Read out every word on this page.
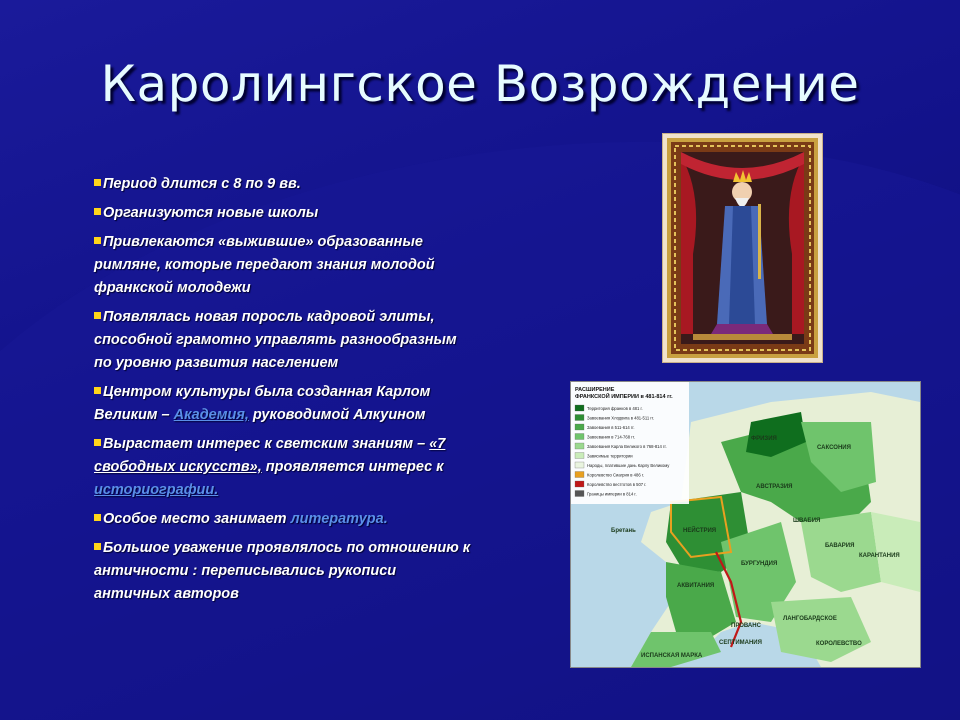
Каролингское Возрождение
Период длится с 8 по 9 вв.
Организуются новые школы
Привлекаются «выжившие» образованные римляне, которые передают знания молодой франкской молодежи
Появлялась новая поросль кадровой элиты, способной грамотно управлять разнообразным по уровню развития населением
Центром культуры была созданная Карлом Великим – Академия, руководимой Алкуином
Вырастает интерес к светским знаниям – «7 свободных искусств», проявляется интерес к историографии.
Особое место занимает литература.
Большое уважение проявлялось по отношению к античности : переписывались рукописи античных авторов
РАСШИРЕНИЕ
ФРАНКСКОЙ ИМПЕРИИ в 481-814 гг.
Территория франков в 481 г.
Завоевания Хлодвига в 481-511 гг.
Завоевания в 511-614 гг.
Завоевания в 714-768 гг.
Завоевания Карла Великого в 768-814 гг.
Зависимые территории
Народы, платившие дань Карлу Великому
Королевство Сиагрия в 486 г.
Королевство вестготов в 507 г.
Границы империи в 814 г.
ФРИЗИЯ
САКСОНИЯ
АВСТРАЗИЯ
НЕЙСТРИЯ
ШВАБИЯ
БАВАРИЯ
КАРАНТАНИЯ
БУРГУНДИЯ
АКВИТАНИЯ
ЛАНГОБАРДСКОЕ
КОРОЛЕВСТВО
ПРОВАНС
ИСПАНСКАЯ МАРКА
СЕПТИМАНИЯ
Бретань
